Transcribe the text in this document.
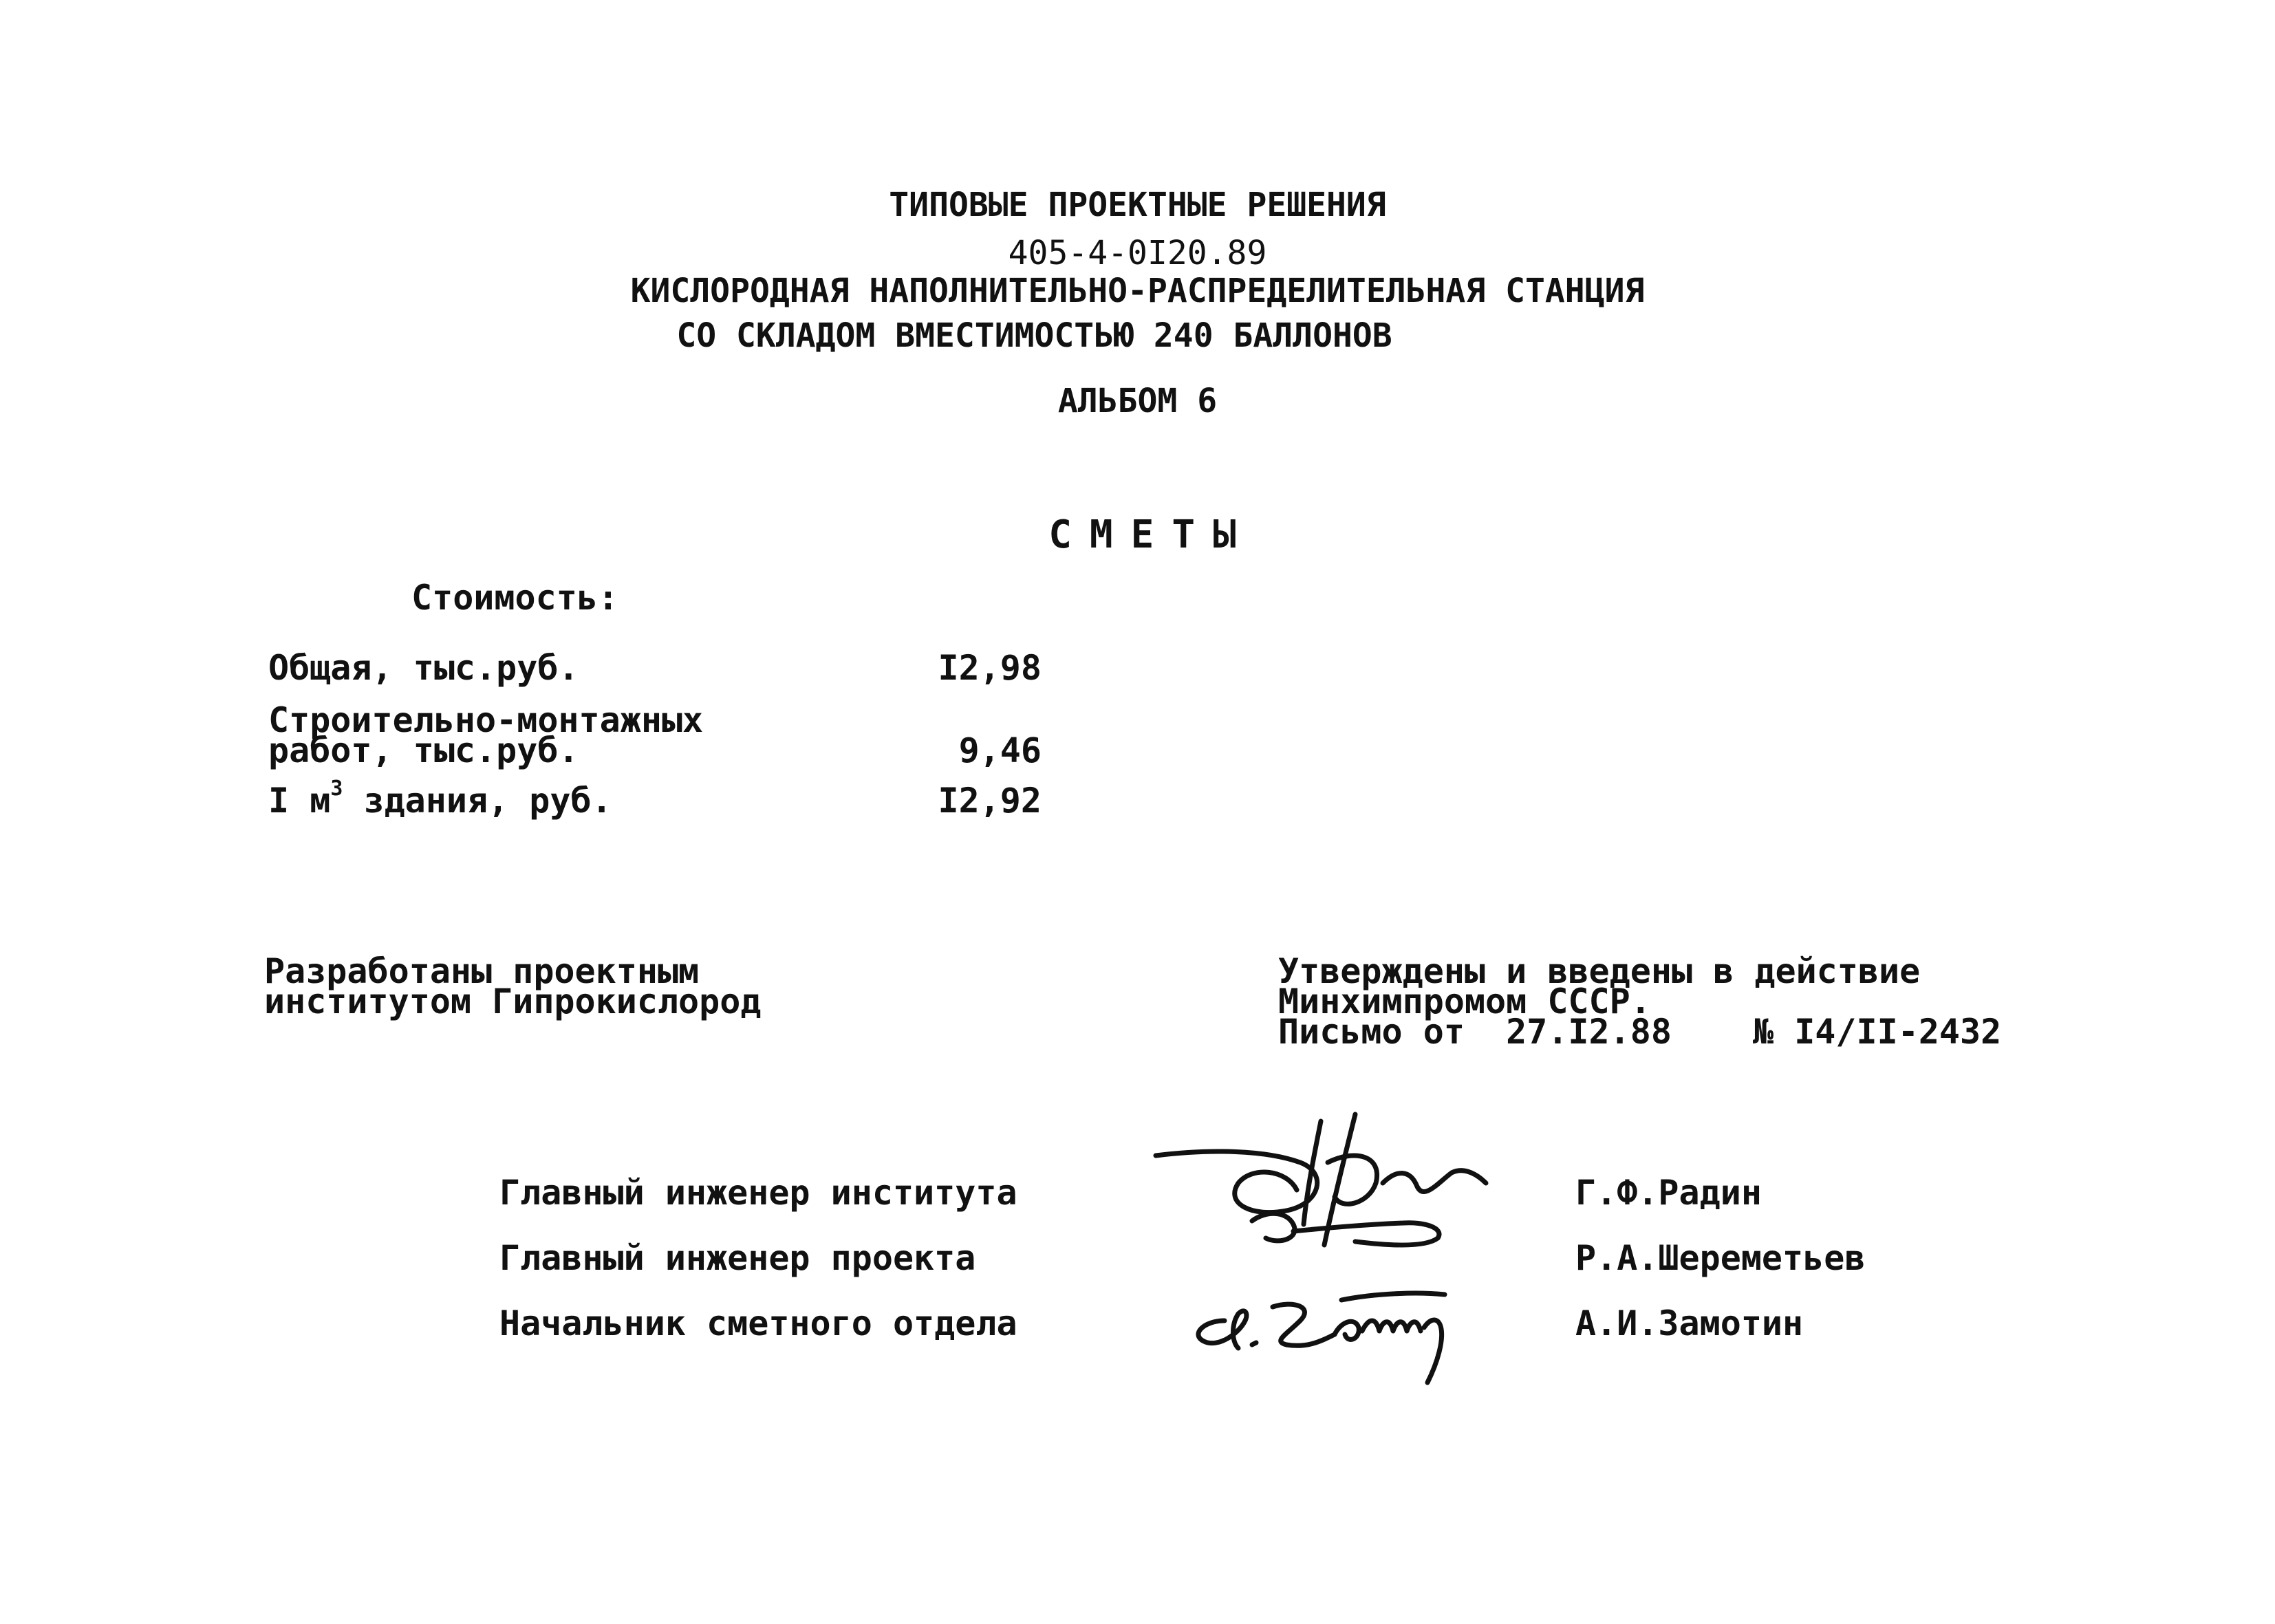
ТИПОВЫЕ ПРОЕКТНЫЕ РЕШЕНИЯ
405-4-0I20.89
КИСЛОРОДНАЯ НАПОЛНИТЕЛЬНО-РАСПРЕДЕЛИТЕЛЬНАЯ СТАНЦИЯ
СО СКЛАДОМ ВМЕСТИМОСТЬЮ 240 БАЛЛОНОВ
АЛЬБОМ 6
СМЕТЫ
Стоимость:
Общая, тыс.руб.	I2,98
Строительно-монтажных
работ, тыс.руб.	9,46
I $м^3$ здания, руб.	I2,92
Разработаны проектным
институтом Гипрокислород
Утверждены и введены в действие
Минхимпромом СССР.
Письмо от  27.I2.88	№ I4/II-2432
Главный инженер института	Г.Ф.Радин
Главный инженер проекта	Р.А.Шереметьев
Начальник сметного отдела	А.И.Замотин
